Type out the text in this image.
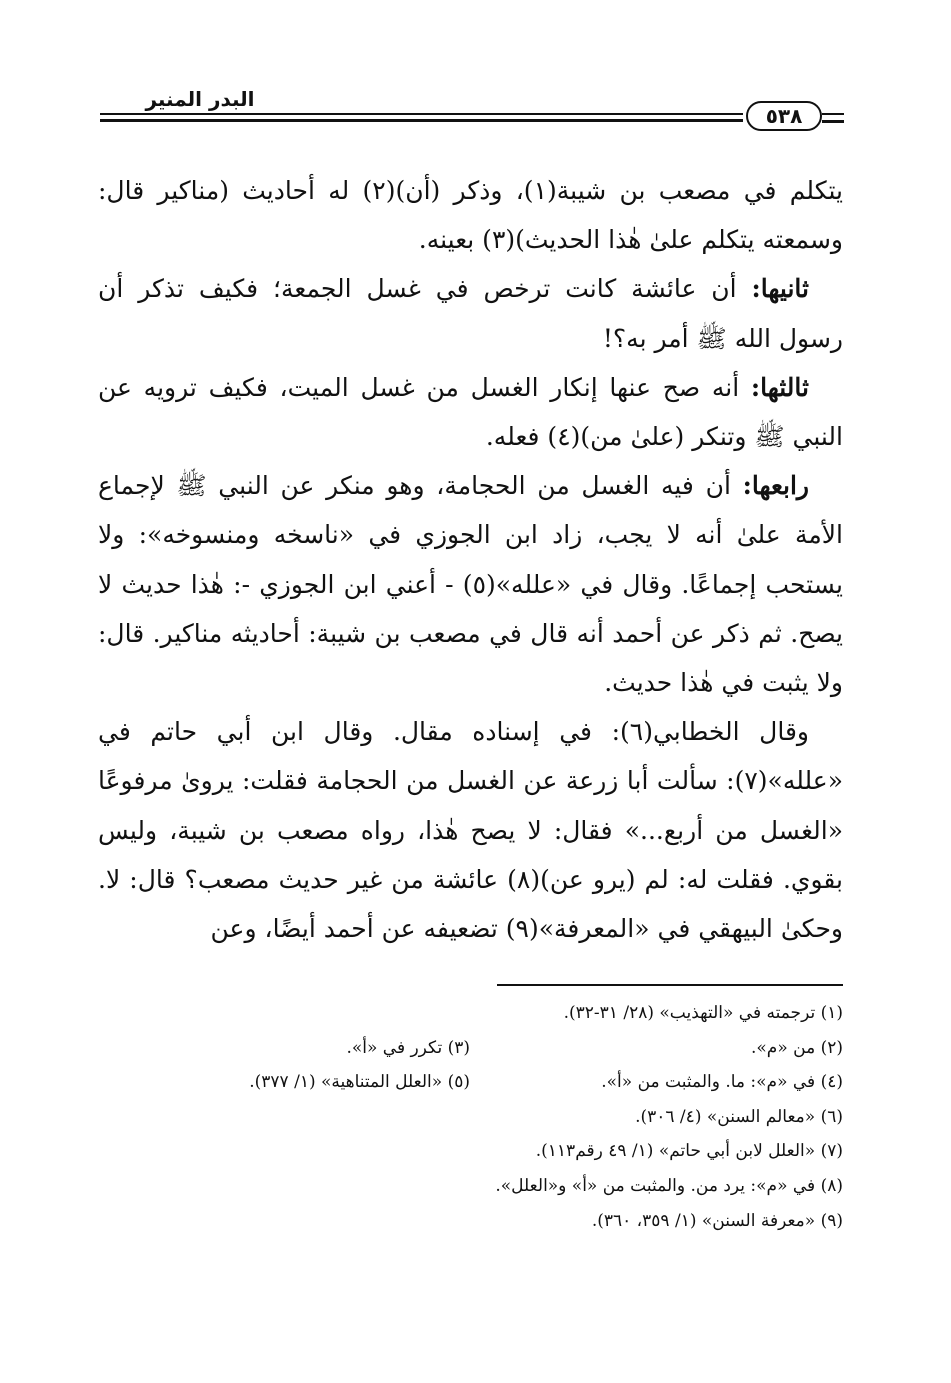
البدر المنير
٥٣٨

يتكلم في مصعب بن شيبة(١)، وذكر (أن)(٢) له أحاديث (مناكير قال: وسمعته يتكلم علىٰ هٰذا الحديث)(٣) بعينه.

ثانيها: أن عائشة كانت ترخص في غسل الجمعة؛ فكيف تذكر أن رسول الله ﷺ أمر به؟!

ثالثها: أنه صح عنها إنكار الغسل من غسل الميت، فكيف ترويه عن النبي ﷺ وتنكر (علىٰ من)(٤) فعله.

رابعها: أن فيه الغسل من الحجامة، وهو منكر عن النبي ﷺ لإجماع الأمة علىٰ أنه لا يجب، زاد ابن الجوزي في «ناسخه ومنسوخه»: ولا يستحب إجماعًا. وقال في «علله»(٥) - أعني ابن الجوزي -: هٰذا حديث لا يصح. ثم ذكر عن أحمد أنه قال في مصعب بن شيبة: أحاديثه مناكير. قال: ولا يثبت في هٰذا حديث.

وقال الخطابي(٦): في إسناده مقال. وقال ابن أبي حاتم في «علله»(٧): سألت أبا زرعة عن الغسل من الحجامة فقلت: يرویٰ مرفوعًا «الغسل من أربع...» فقال: لا يصح هٰذا، رواه مصعب بن شيبة، وليس بقوي. فقلت له: لم (يرو عن)(٨) عائشة من غير حديث مصعب؟ قال: لا. وحكىٰ البيهقي في «المعرفة»(٩) تضعيفه عن أحمد أيضًا، وعن

(١) ترجمته في «التهذيب» (٢٨/ ٣١-٣٢).
(٢) من «م».
(٣) تكرر في «أ».
(٤) في «م»: ما. والمثبت من «أ».
(٥) «العلل المتناهية» (١/ ٣٧٧).
(٦) «معالم السنن» (٤/ ٣٠٦).
(٧) «العلل لابن أبي حاتم» (١/ ٤٩ رقم١١٣).
(٨) في «م»: يرد من. والمثبت من «أ» و«العلل».
(٩) «معرفة السنن» (١/ ٣٥٩، ٣٦٠).
